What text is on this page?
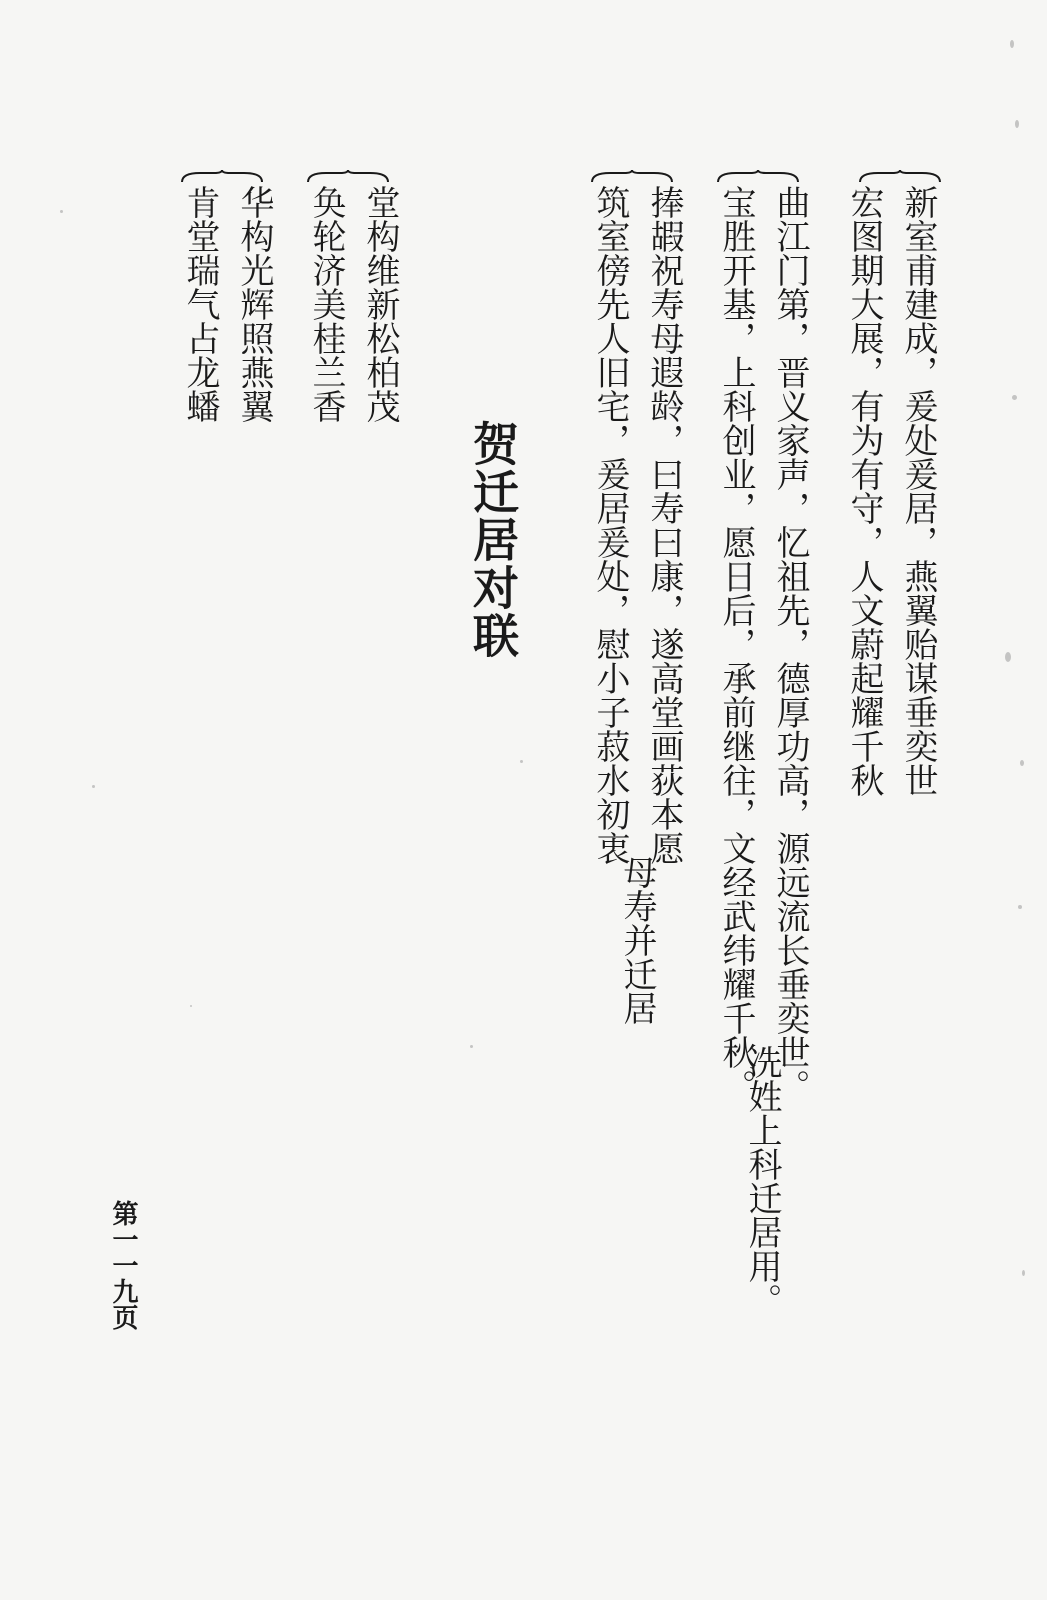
新室甫建成，爰处爰居，燕翼贻谋垂奕世
宏图期大展，有为有守，人文蔚起耀千秋
曲江门第，晋义家声，忆祖先，德厚功高，源远流长垂奕世。
宝胜开基，上科创业，愿日后，承前继往，文经武纬耀千秋。
冼姓上科迁居用。
捧嘏祝寿母遐龄，曰寿曰康，遂高堂画荻本愿
筑室傍先人旧宅，爰居爰处，慰小子菽水初衷
母寿并迁居
贺迁居对联
堂构维新松柏茂
奂轮济美桂兰香
华构光辉照燕翼
肯堂瑞气占龙蟠
第一一九页
